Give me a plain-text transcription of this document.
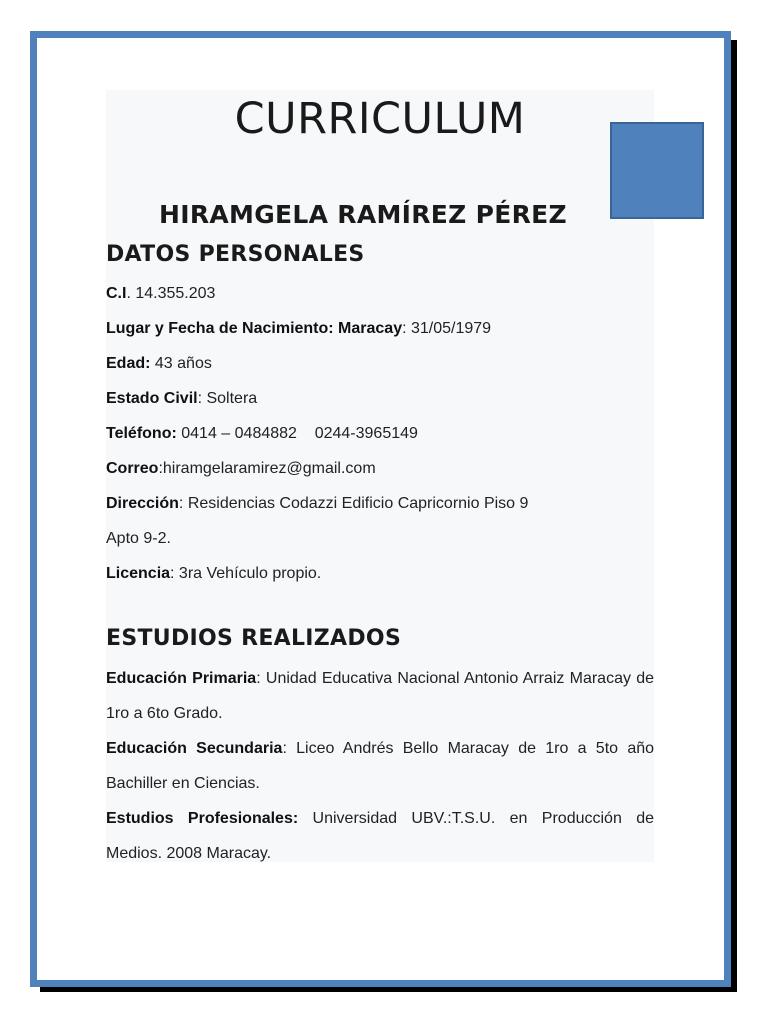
CURRICULUM
HIRAMGELA RAMÍREZ PÉREZ
DATOS PERSONALES
C.I. 14.355.203
Lugar y Fecha de Nacimiento: Maracay: 31/05/1979
Edad: 43 años
Estado Civil: Soltera
Teléfono: 0414 – 0484882    0244-3965149
Correo:hiramgelaramirez@gmail.com
Dirección: Residencias Codazzi Edificio Capricornio Piso 9
Apto 9-2.
Licencia: 3ra Vehículo propio.
ESTUDIOS REALIZADOS
Educación Primaria: Unidad Educativa Nacional Antonio Arraiz Maracay de 1ro a 6to Grado.
Educación Secundaria: Liceo Andrés Bello Maracay de 1ro a 5to año Bachiller en Ciencias.
Estudios Profesionales: Universidad UBV.:T.S.U. en Producción de Medios. 2008 Maracay.
